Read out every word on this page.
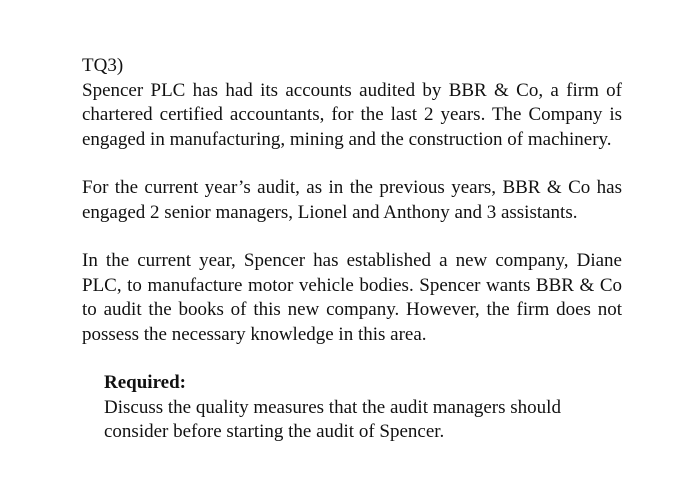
TQ3)

Spencer PLC has had its accounts audited by BBR & Co, a firm of chartered certified accountants, for the last 2 years. The Company is engaged in manufacturing, mining and the construction of machinery.

For the current year’s audit, as in the previous years, BBR & Co has engaged 2 senior managers, Lionel and Anthony and 3 assistants.

In the current year, Spencer has established a new company, Diane PLC, to manufacture motor vehicle bodies. Spencer wants BBR & Co to audit the books of this new company. However, the firm does not possess the necessary knowledge in this area.

Required:

Discuss the quality measures that the audit managers should consider before starting the audit of Spencer.
